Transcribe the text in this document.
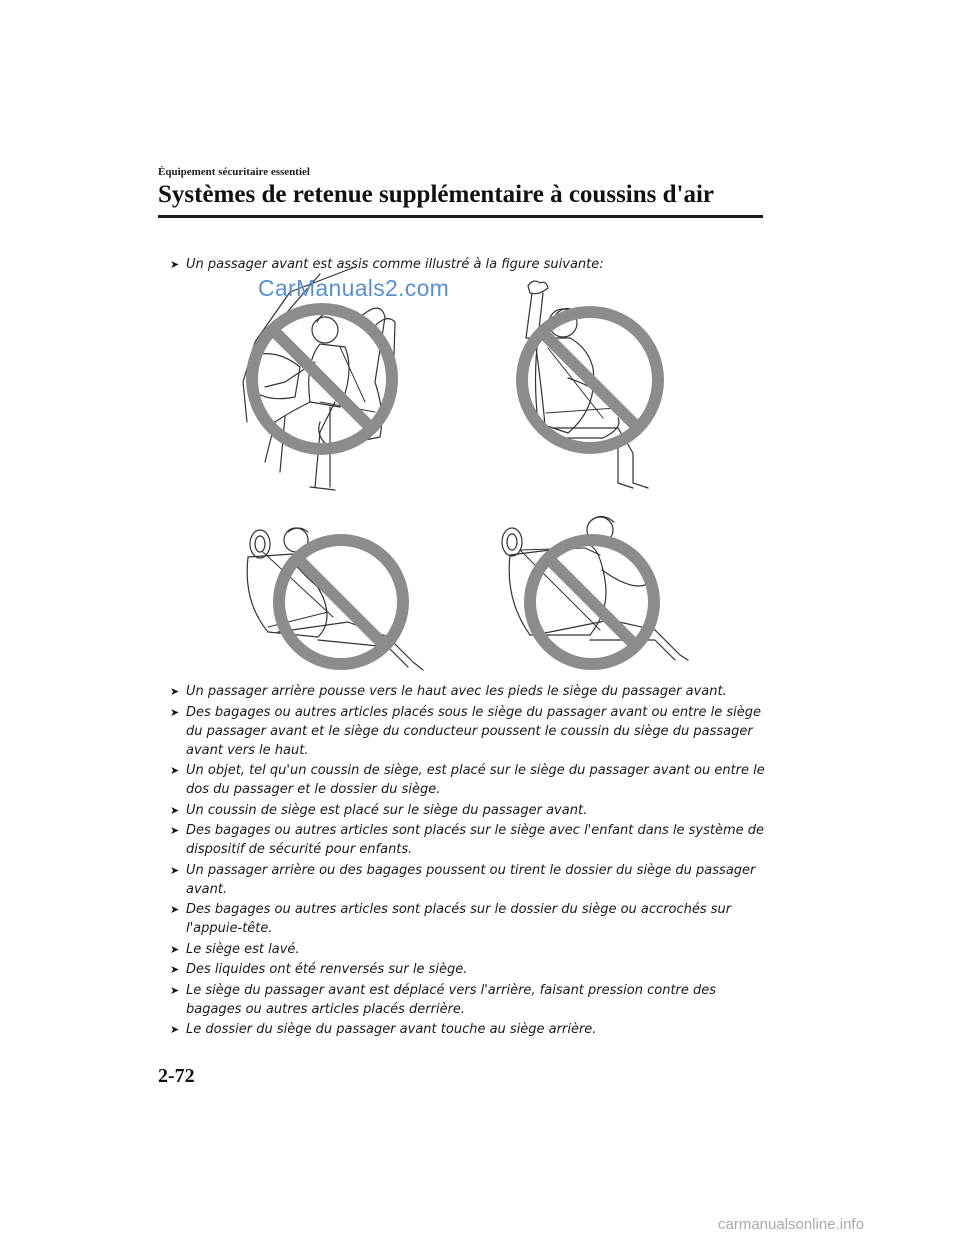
Équipement sécuritaire essentiel
Systèmes de retenue supplémentaire à coussins d'air
➤ Un passager avant est assis comme illustré à la figure suivante:
CarManuals2.com
➤ Un passager arrière pousse vers le haut avec les pieds le siège du passager avant.
➤ Des bagages ou autres articles placés sous le siège du passager avant ou entre le siège du passager avant et le siège du conducteur poussent le coussin du siège du passager avant vers le haut.
➤ Un objet, tel qu'un coussin de siège, est placé sur le siège du passager avant ou entre le dos du passager et le dossier du siège.
➤ Un coussin de siège est placé sur le siège du passager avant.
➤ Des bagages ou autres articles sont placés sur le siège avec l'enfant dans le système de dispositif de sécurité pour enfants.
➤ Un passager arrière ou des bagages poussent ou tirent le dossier du siège du passager avant.
➤ Des bagages ou autres articles sont placés sur le dossier du siège ou accrochés sur l'appuie-tête.
➤ Le siège est lavé.
➤ Des liquides ont été renversés sur le siège.
➤ Le siège du passager avant est déplacé vers l'arrière, faisant pression contre des bagages ou autres articles placés derrière.
➤ Le dossier du siège du passager avant touche au siège arrière.
2-72
carmanualsonline.info
